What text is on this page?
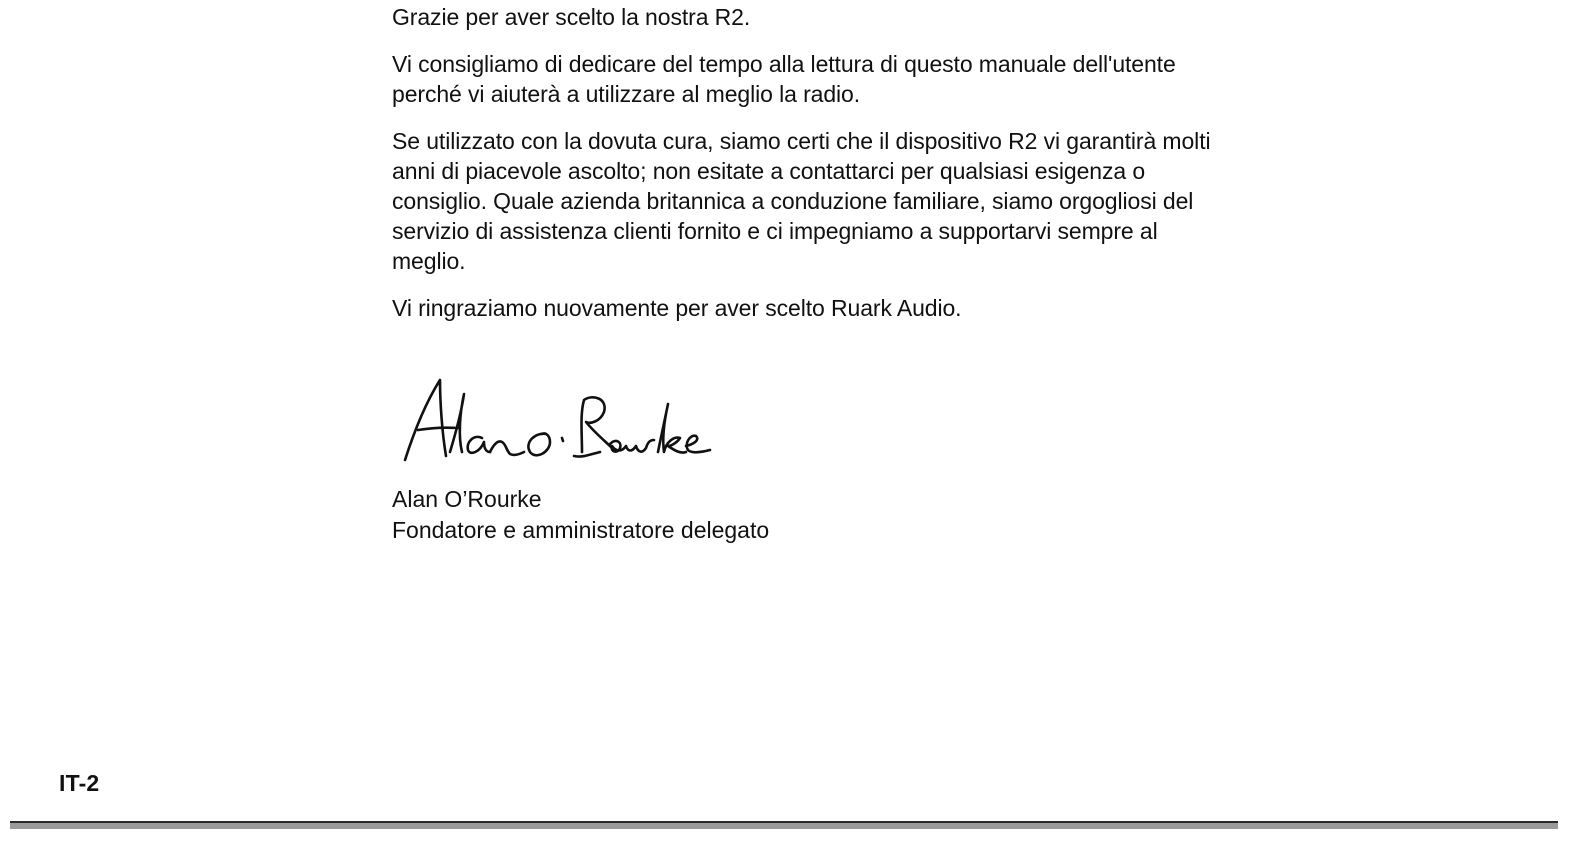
Grazie per aver scelto la nostra R2.

Vi consigliamo di dedicare del tempo alla lettura di questo manuale dell'utente perché vi aiuterà a utilizzare al meglio la radio.

Se utilizzato con la dovuta cura, siamo certi che il dispositivo R2 vi garantirà molti anni di piacevole ascolto; non esitate a contattarci per qualsiasi esigenza o consiglio. Quale azienda britannica a conduzione familiare, siamo orgogliosi del servizio di assistenza clienti fornito e ci impegniamo a supportarvi sempre al meglio.

Vi ringraziamo nuovamente per aver scelto Ruark Audio.

Alan O’Rourke
Fondatore e amministratore delegato
IT-2
